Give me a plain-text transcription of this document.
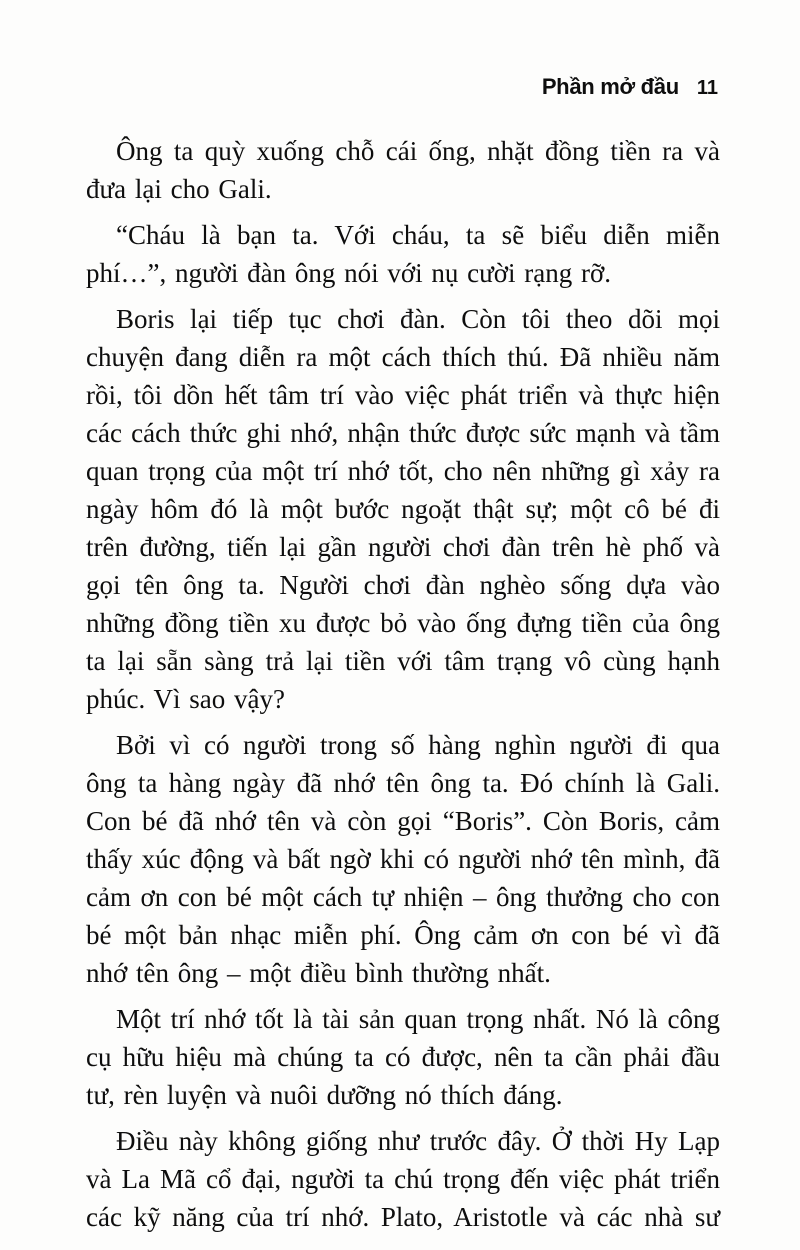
Phần mở đầu 11

Ông ta quỳ xuống chỗ cái ống, nhặt đồng tiền ra và đưa lại cho Gali.

“Cháu là bạn ta. Với cháu, ta sẽ biểu diễn miễn phí…”, người đàn ông nói với nụ cười rạng rỡ.

Boris lại tiếp tục chơi đàn. Còn tôi theo dõi mọi chuyện đang diễn ra một cách thích thú. Đã nhiều năm rồi, tôi dồn hết tâm trí vào việc phát triển và thực hiện các cách thức ghi nhớ, nhận thức được sức mạnh và tầm quan trọng của một trí nhớ tốt, cho nên những gì xảy ra ngày hôm đó là một bước ngoặt thật sự; một cô bé đi trên đường, tiến lại gần người chơi đàn trên hè phố và gọi tên ông ta. Người chơi đàn nghèo sống dựa vào những đồng tiền xu được bỏ vào ống đựng tiền của ông ta lại sẵn sàng trả lại tiền với tâm trạng vô cùng hạnh phúc. Vì sao vậy?

Bởi vì có người trong số hàng nghìn người đi qua ông ta hàng ngày đã nhớ tên ông ta. Đó chính là Gali. Con bé đã nhớ tên và còn gọi “Boris”. Còn Boris, cảm thấy xúc động và bất ngờ khi có người nhớ tên mình, đã cảm ơn con bé một cách tự nhiện – ông thưởng cho con bé một bản nhạc miễn phí. Ông cảm ơn con bé vì đã nhớ tên ông – một điều bình thường nhất.

Một trí nhớ tốt là tài sản quan trọng nhất. Nó là công cụ hữu hiệu mà chúng ta có được, nên ta cần phải đầu tư, rèn luyện và nuôi dưỡng nó thích đáng.

Điều này không giống như trước đây. Ở thời Hy Lạp và La Mã cổ đại, người ta chú trọng đến việc phát triển các kỹ năng của trí nhớ. Plato, Aristotle và các nhà sư
